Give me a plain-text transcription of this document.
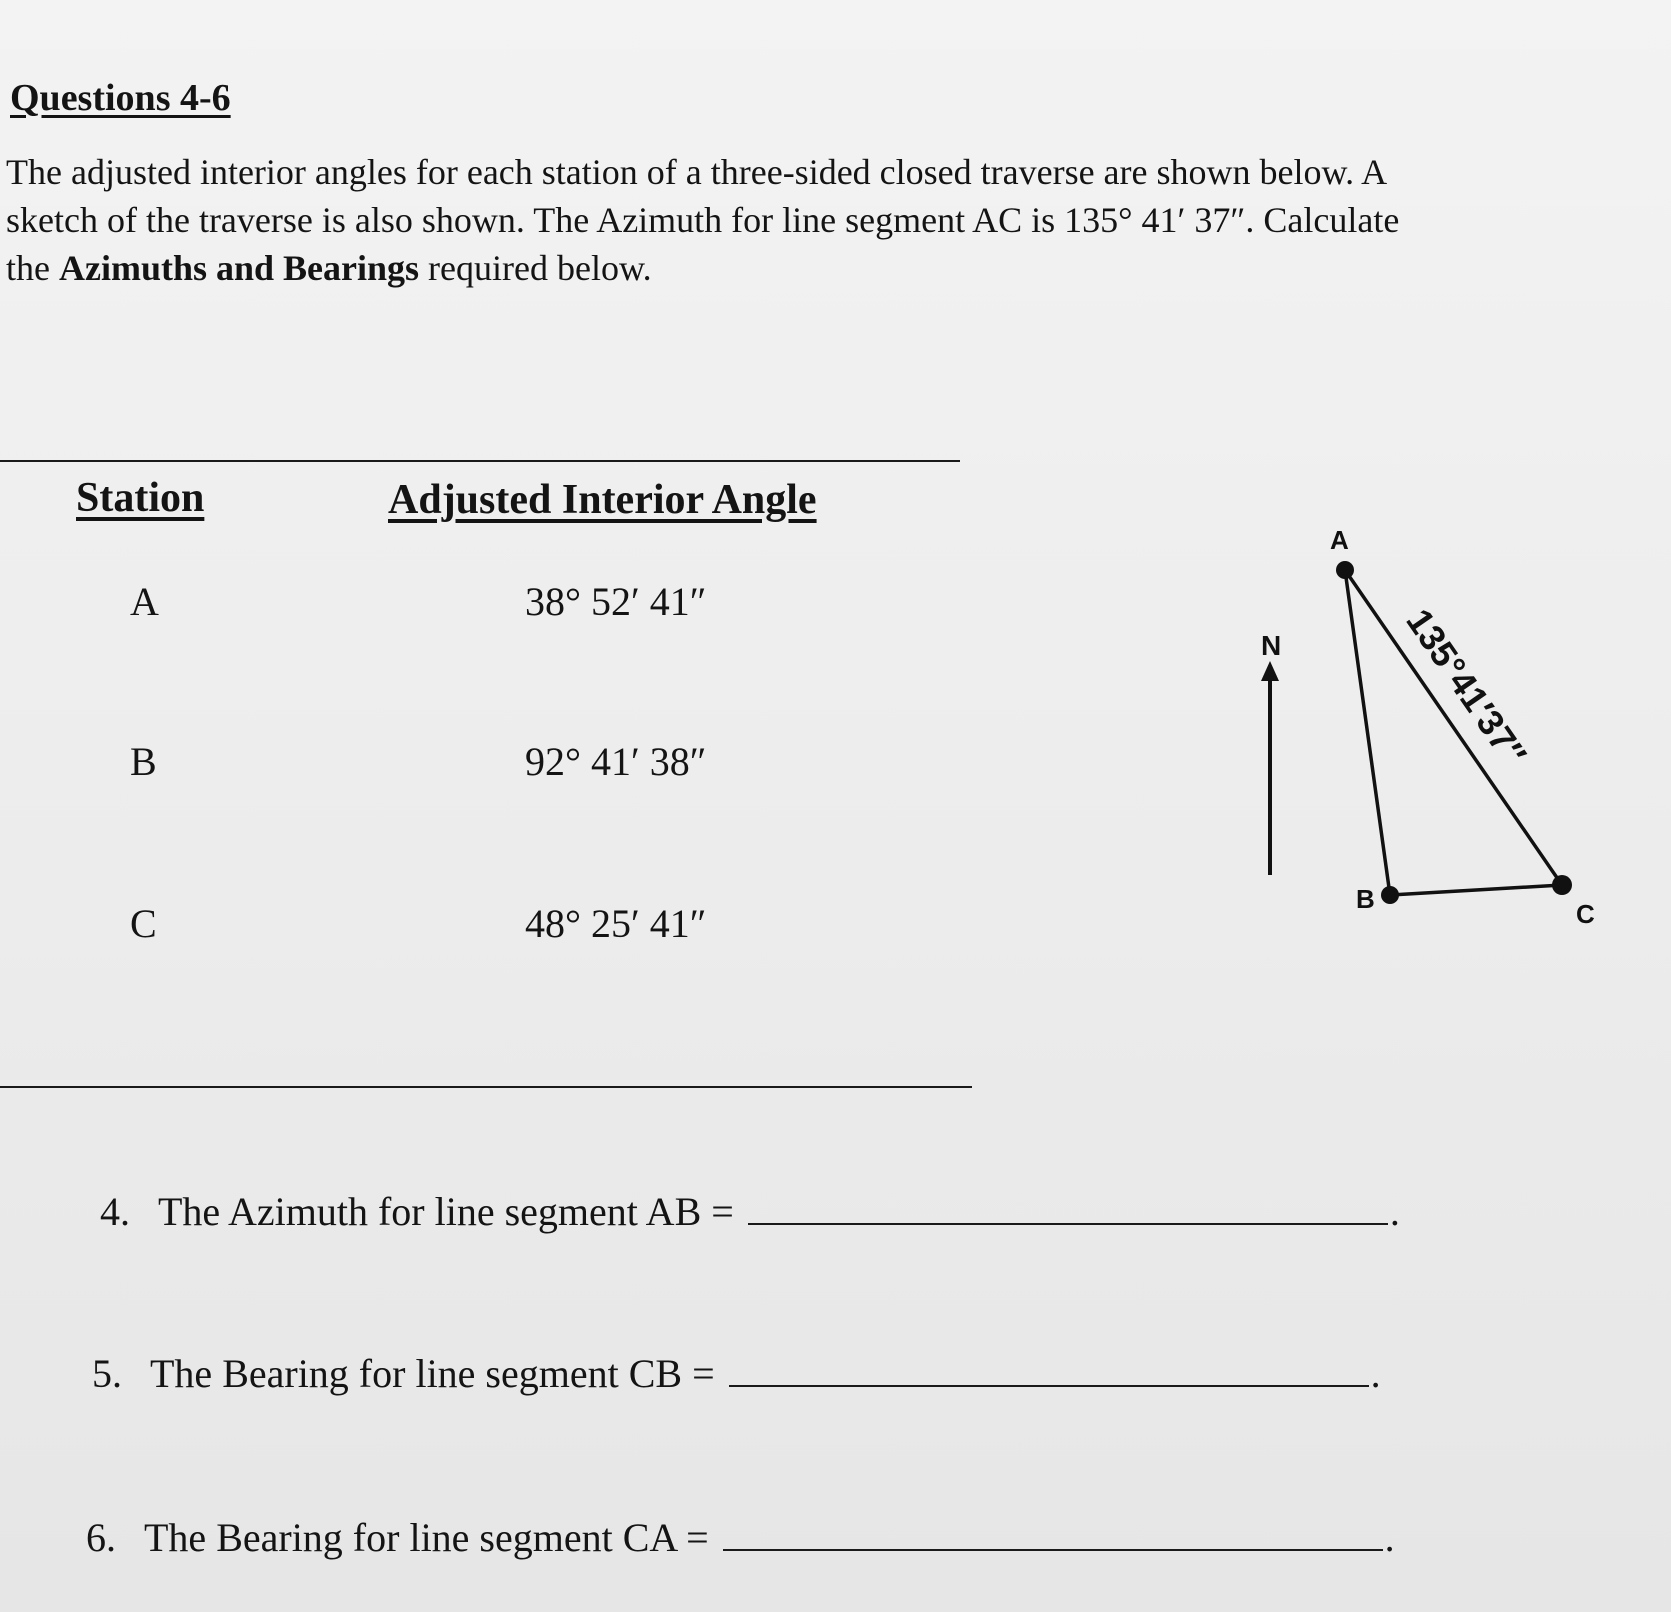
Questions 4-6
The adjusted interior angles for each station of a three-sided closed traverse are shown below. A
sketch of the traverse is also shown. The Azimuth for line segment AC is 135° 41′ 37″. Calculate
the Azimuths and Bearings required below.
Station	Adjusted Interior Angle
A	38° 52′ 41″
B	92° 41′ 38″
C	48° 25′ 41″
N
A
B	C
135°41′37″
4. The Azimuth for line segment AB =	.
5. The Bearing for line segment CB =	.
6. The Bearing for line segment CA =	.
